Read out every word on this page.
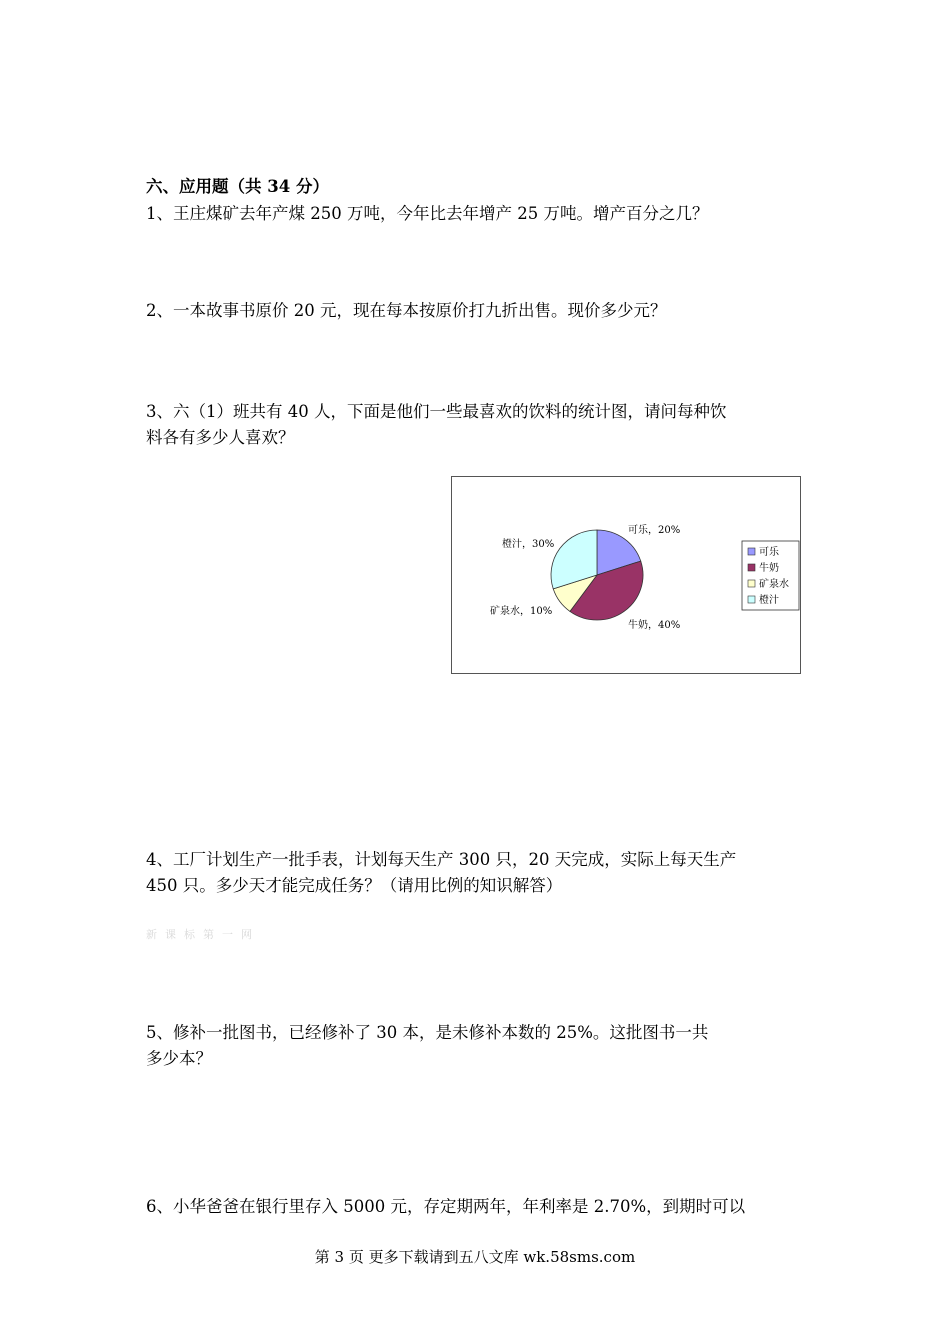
六、应用题（共 34 分）
1、王庄煤矿去年产煤 250 万吨，今年比去年增产 25 万吨。增产百分之几？
2、一本故事书原价 20 元，现在每本按原价打九折出售。现价多少元？
3、六（1）班共有 40 人，下面是他们一些最喜欢的饮料的统计图，请问每种饮
料各有多少人喜欢？
可乐，20%
牛奶，40%
矿泉水，10%
橙汁，30%
可乐
牛奶
矿泉水
橙汁
4、工厂计划生产一批手表，计划每天生产 300 只，20 天完成，实际上每天生产
450 只。多少天才能完成任务？（请用比例的知识解答）
新课标第一网
5、修补一批图书，已经修补了 30 本，是未修补本数的 25%。这批图书一共
多少本？
6、小华爸爸在银行里存入 5000 元，存定期两年，年利率是 2.70%，到期时可以
第 3 页 更多下载请到五八文库 wk.58sms.com
